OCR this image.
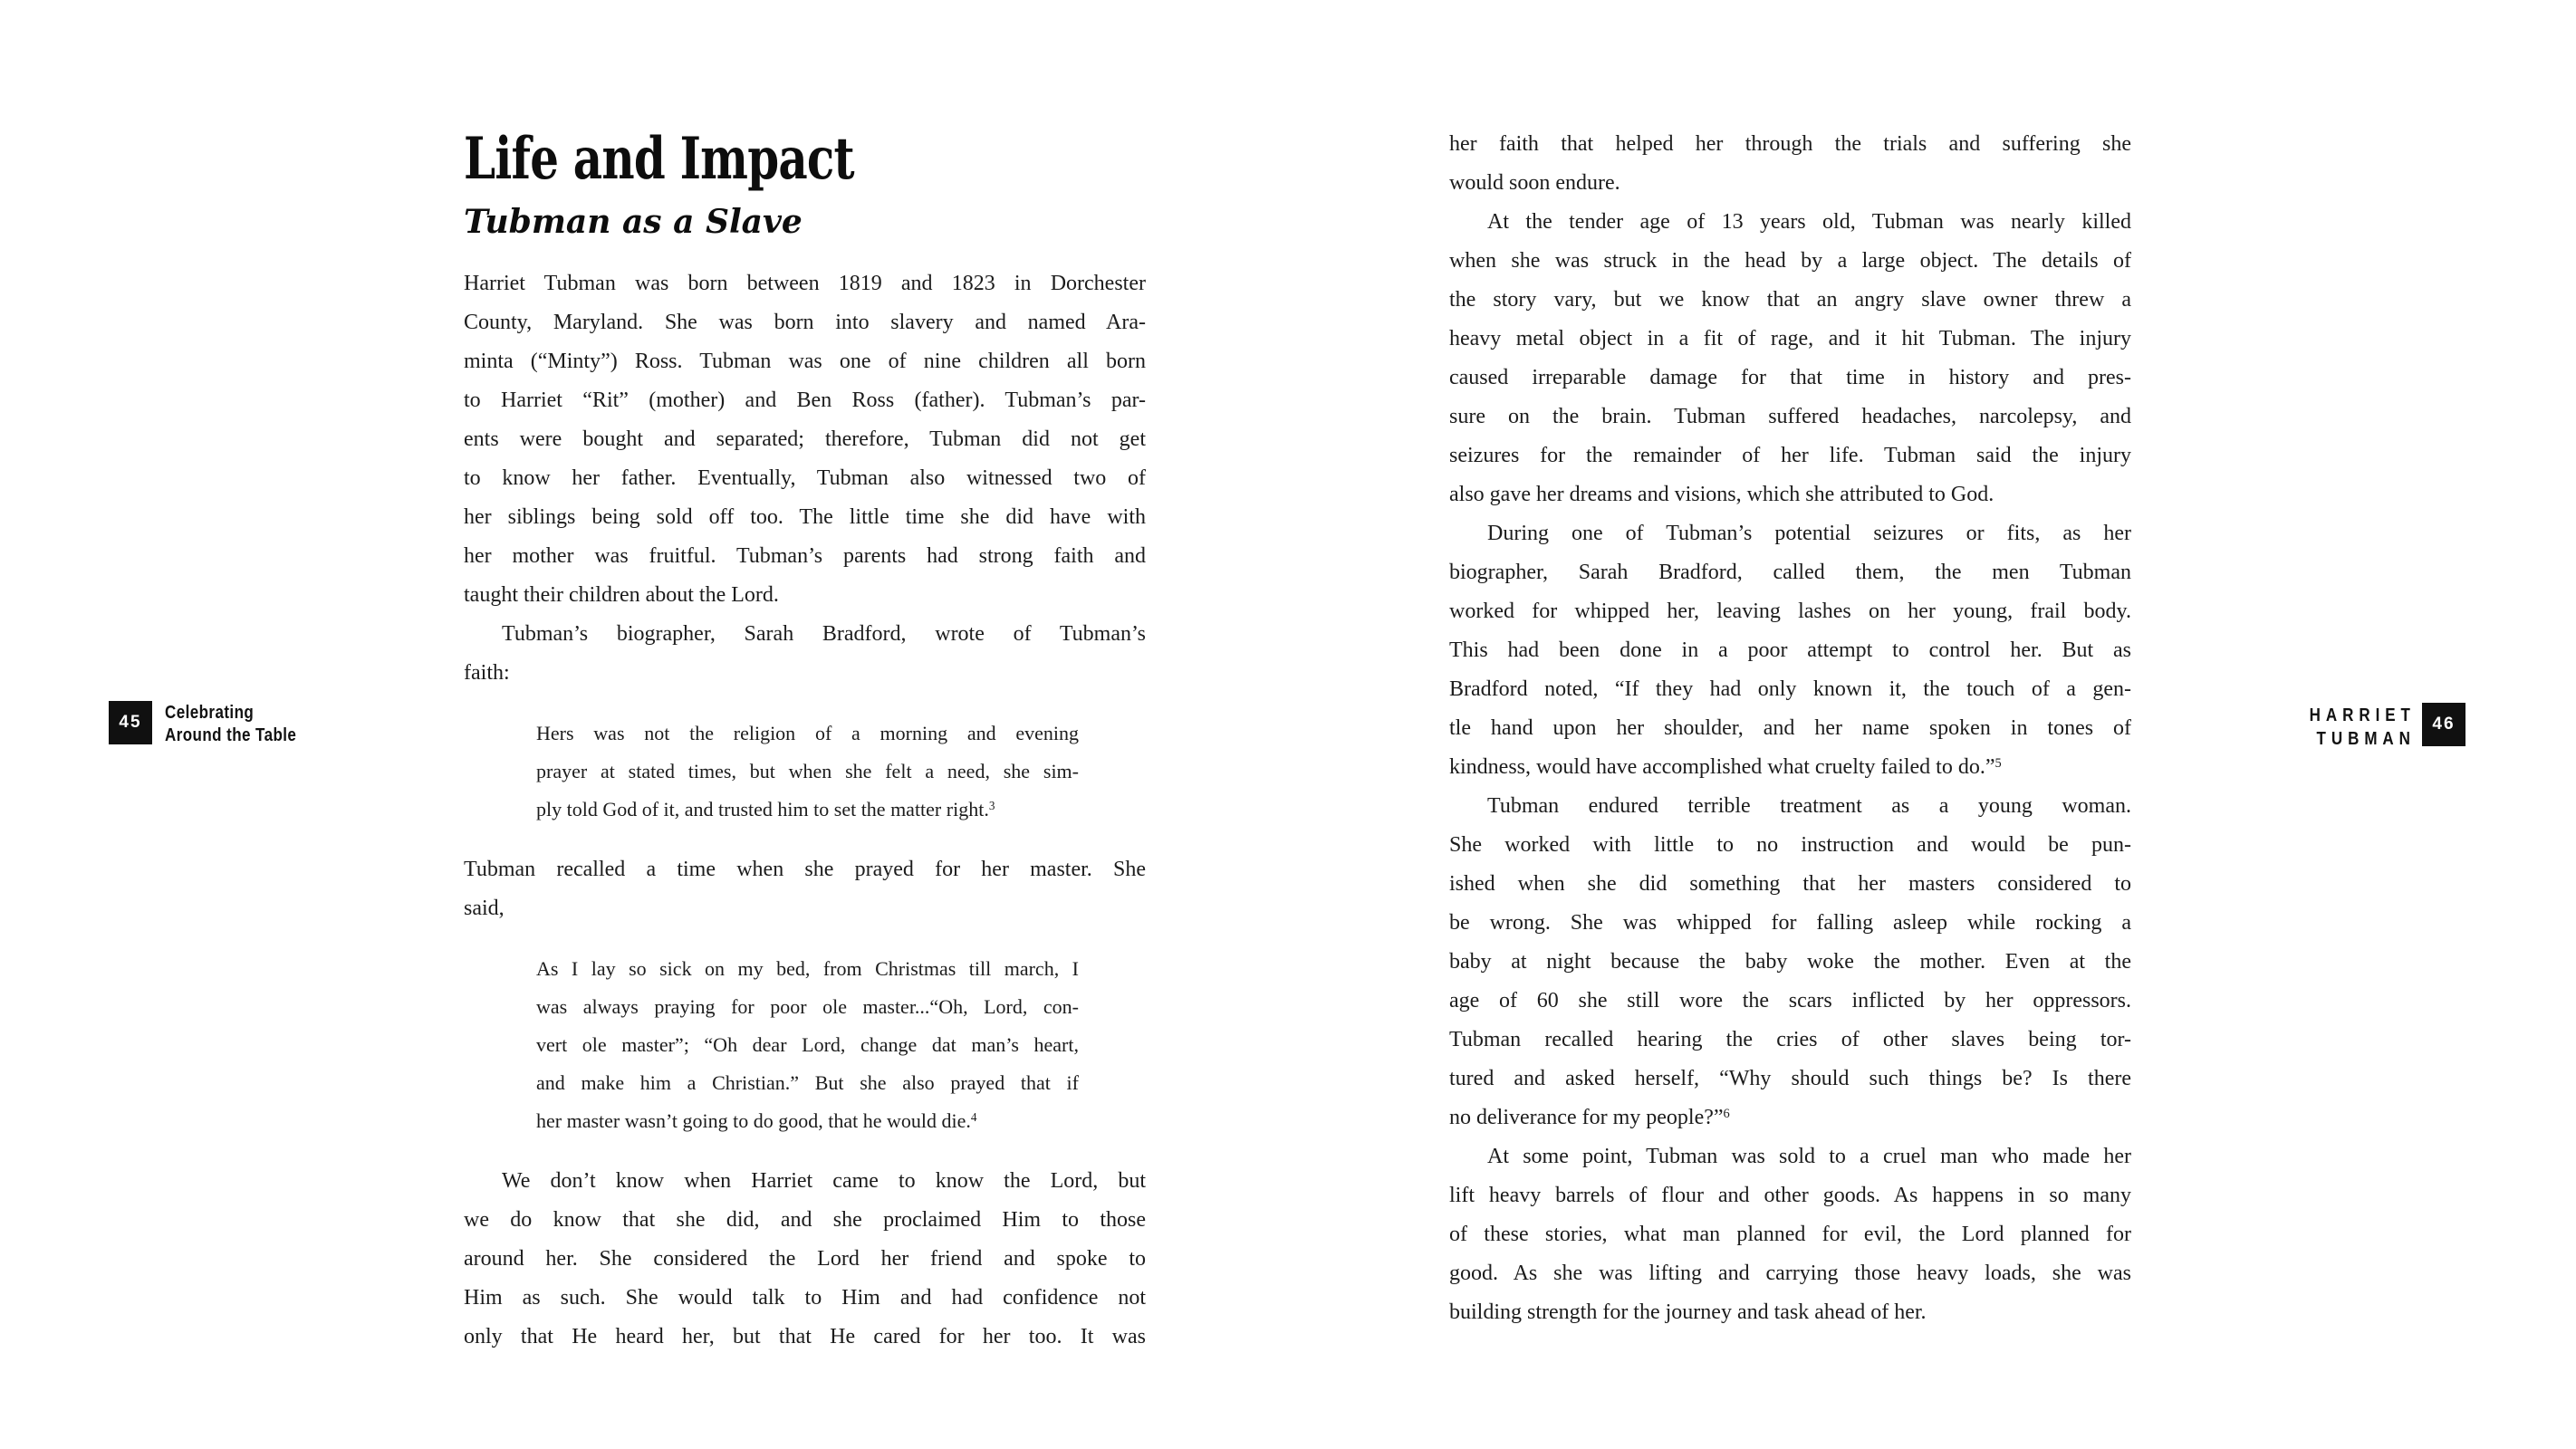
45	Celebrating
Around the Table
Life and Impact
Tubman as a Slave

Harriet Tubman was born between 1819 and 1823 in Dorchester
County, Maryland. She was born into slavery and named Ara-
minta (“Minty”) Ross. Tubman was one of nine children all born
to Harriet “Rit” (mother) and Ben Ross (father). Tubman’s par-
ents were bought and separated; therefore, Tubman did not get
to know her father. Eventually, Tubman also witnessed two of
her siblings being sold off too. The little time she did have with
her mother was fruitful. Tubman’s parents had strong faith and
taught their children about the Lord.

Tubman’s biographer, Sarah Bradford, wrote of Tubman’s
faith:

Hers was not the religion of a morning and evening
prayer at stated times, but when she felt a need, she sim-
ply told God of it, and trusted him to set the matter right.$^3$

Tubman recalled a time when she prayed for her master. She
said,

As I lay so sick on my bed, from Christmas till march, I
was always praying for poor ole master...“Oh, Lord, con-
vert ole master”; “Oh dear Lord, change dat man’s heart,
and make him a Christian.” But she also prayed that if
her master wasn’t going to do good, that he would die.$^4$

We don’t know when Harriet came to know the Lord, but
we do know that she did, and she proclaimed Him to those
around her. She considered the Lord her friend and spoke to
Him as such. She would talk to Him and had confidence not
only that He heard her, but that He cared for her too. It was

her faith that helped her through the trials and suffering she
would soon endure.

At the tender age of 13 years old, Tubman was nearly killed
when she was struck in the head by a large object. The details of
the story vary, but we know that an angry slave owner threw a
heavy metal object in a fit of rage, and it hit Tubman. The injury
caused irreparable damage for that time in history and pres-
sure on the brain. Tubman suffered headaches, narcolepsy, and
seizures for the remainder of her life. Tubman said the injury
also gave her dreams and visions, which she attributed to God.

During one of Tubman’s potential seizures or fits, as her
biographer, Sarah Bradford, called them, the men Tubman
worked for whipped her, leaving lashes on her young, frail body.
This had been done in a poor attempt to control her. But as
Bradford noted, “If they had only known it, the touch of a gen-
tle hand upon her shoulder, and her name spoken in tones of
kindness, would have accomplished what cruelty failed to do.”$^5$

Tubman endured terrible treatment as a young woman.
She worked with little to no instruction and would be pun-
ished when she did something that her masters considered to
be wrong. She was whipped for falling asleep while rocking a
baby at night because the baby woke the mother. Even at the
age of 60 she still wore the scars inflicted by her oppressors.
Tubman recalled hearing the cries of other slaves being tor-
tured and asked herself, “Why should such things be? Is there
no deliverance for my people?”$^6$

At some point, Tubman was sold to a cruel man who made her
lift heavy barrels of flour and other goods. As happens in so many
of these stories, what man planned for evil, the Lord planned for
good. As she was lifting and carrying those heavy loads, she was
building strength for the journey and task ahead of her.

HARRIET
TUBMAN
46
